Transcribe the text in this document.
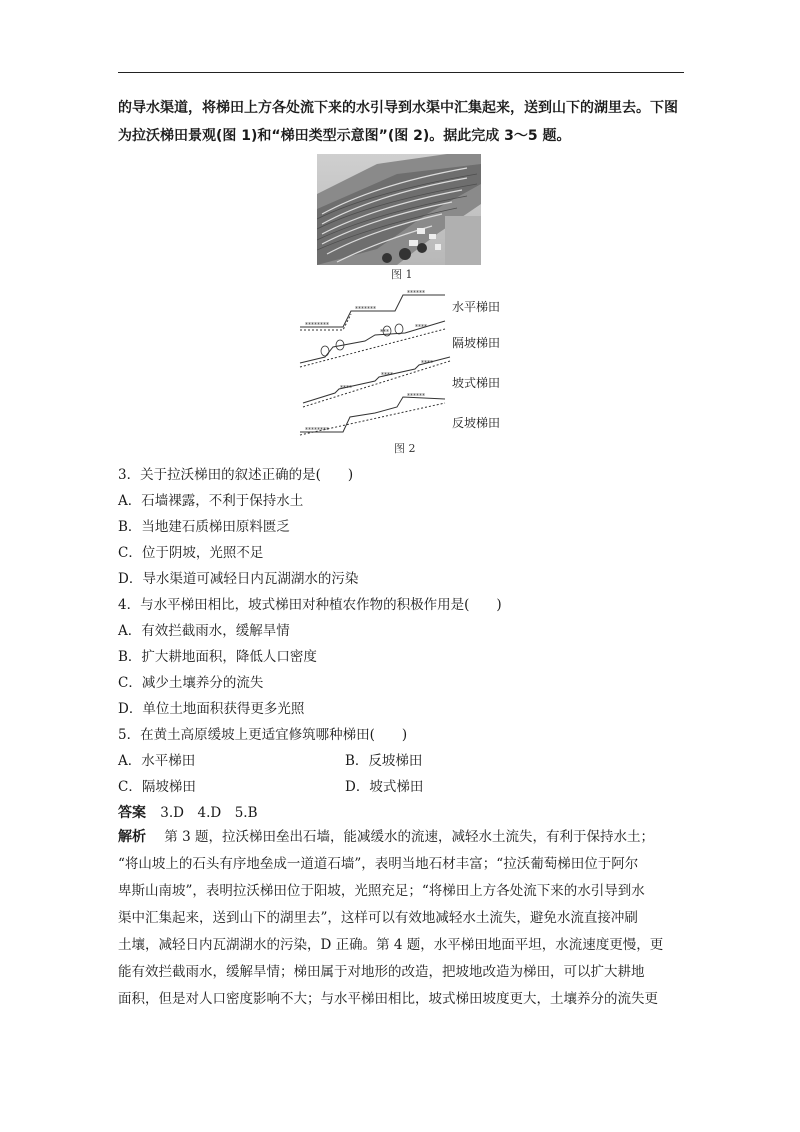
的导水渠道，将梯田上方各处流下来的水引导到水渠中汇集起来，送到山下的湖里去。下图
为拉沃梯田景观(图 1)和“梯田类型示意图”(图 2)。据此完成 3～5 题。
图 1
⁎⁎⁎⁎⁎⁎⁎⁎
⁎⁎⁎⁎⁎⁎⁎
⁎⁎⁎⁎⁎⁎
⁎⁎⁎
⁎⁎⁎⁎
⁎⁎⁎⁎
⁎⁎⁎⁎
⁎⁎⁎⁎
⁎⁎⁎⁎⁎⁎⁎⁎
⁎⁎⁎⁎⁎⁎
水平梯田
隔坡梯田
坡式梯田
反坡梯田
图 2
3．关于拉沃梯田的叙述正确的是(　　)
A．石墙裸露，不利于保持水土
B．当地建石质梯田原料匮乏
C．位于阴坡，光照不足
D．导水渠道可减轻日内瓦湖湖水的污染
4．与水平梯田相比，坡式梯田对种植农作物的积极作用是(　　)
A．有效拦截雨水，缓解旱情
B．扩大耕地面积，降低人口密度
C．减少土壤养分的流失
D．单位土地面积获得更多光照
5．在黄土高原缓坡上更适宜修筑哪种梯田(　　)
A．水平梯田	B．反坡梯田
C．隔坡梯田	D．坡式梯田
答案 3.D　4.D　5.B
解析 第 3 题，拉沃梯田垒出石墙，能减缓水的流速，减轻水土流失，有利于保持水土；
“将山坡上的石头有序地垒成一道道石墙”，表明当地石材丰富；“拉沃葡萄梯田位于阿尔
卑斯山南坡”，表明拉沃梯田位于阳坡，光照充足；“将梯田上方各处流下来的水引导到水
渠中汇集起来，送到山下的湖里去”，这样可以有效地减轻水土流失，避免水流直接冲刷
土壤，减轻日内瓦湖湖水的污染，D 正确。第 4 题，水平梯田地面平坦，水流速度更慢，更
能有效拦截雨水，缓解旱情；梯田属于对地形的改造，把坡地改造为梯田，可以扩大耕地
面积，但是对人口密度影响不大；与水平梯田相比，坡式梯田坡度更大，土壤养分的流失更
